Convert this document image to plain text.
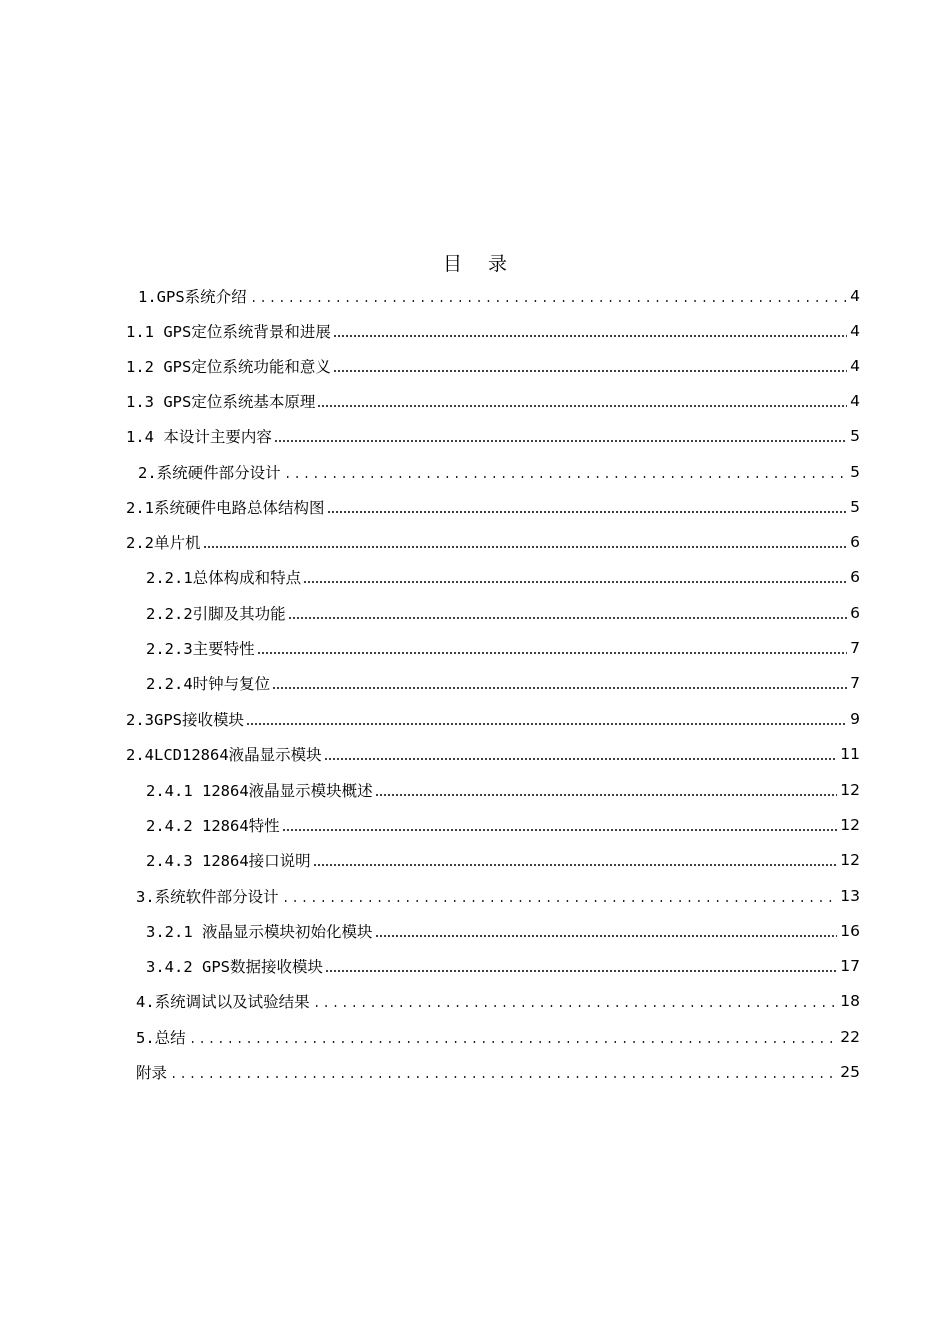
目 录
1.GPS系统介绍	4
1.1 GPS定位系统背景和进展	4
1.2 GPS定位系统功能和意义	4
1.3 GPS定位系统基本原理	4
1.4 本设计主要内容	5
2.系统硬件部分设计	5
2.1系统硬件电路总体结构图	5
2.2单片机	6
2.2.1总体构成和特点	6
2.2.2引脚及其功能	6
2.2.3主要特性	7
2.2.4时钟与复位	7
2.3GPS接收模块	9
2.4LCD12864液晶显示模块	11
2.4.1 12864液晶显示模块概述	12
2.4.2 12864特性	12
2.4.3 12864接口说明	12
3.系统软件部分设计	13
3.2.1 液晶显示模块初始化模块	16
3.4.2 GPS数据接收模块	17
4.系统调试以及试验结果	18
5.总结	22
附录	25
